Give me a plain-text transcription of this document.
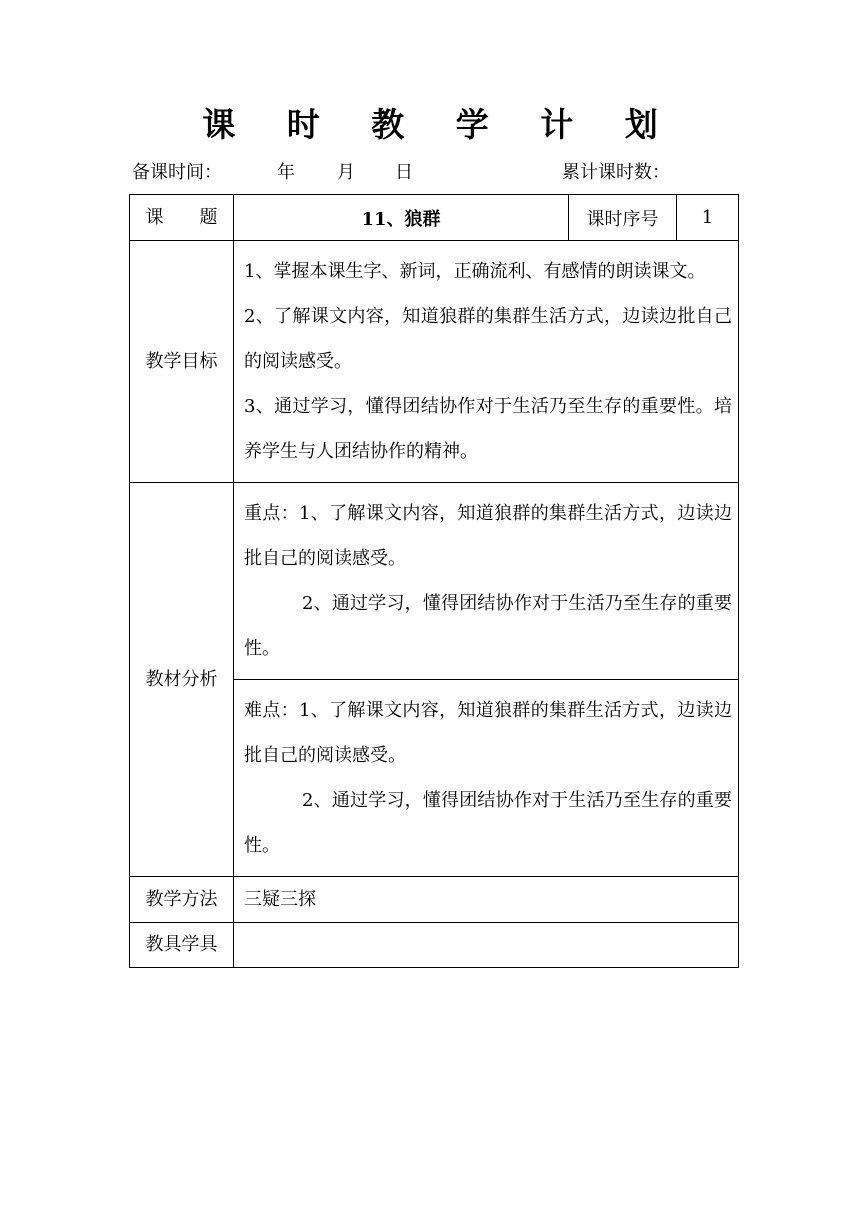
课 时 教 学 计 划
备课时间：	年 月 日	累计课时数：
课 题	11、狼群	课时序号	1
教学目标	1、掌握本课生字、新词，正确流利、有感情的朗读课文。

2、了解课文内容，知道狼群的集群生活方式，边读边批自己的阅读感受。

3、通过学习，懂得团结协作对于生活乃至生存的重要性。培养学生与人团结协作的精神。		

教材分析	重点：1、了解课文内容，知道狼群的集群生活方式，边读边批自己的阅读感受。

2、通过学习，懂得团结协作对于生活乃至生存的重要性。		

	难点：1、了解课文内容，知道狼群的集群生活方式，边读边批自己的阅读感受。

2、通过学习，懂得团结协作对于生活乃至生存的重要性。		

教学方法	三疑三探		
教具学具			
